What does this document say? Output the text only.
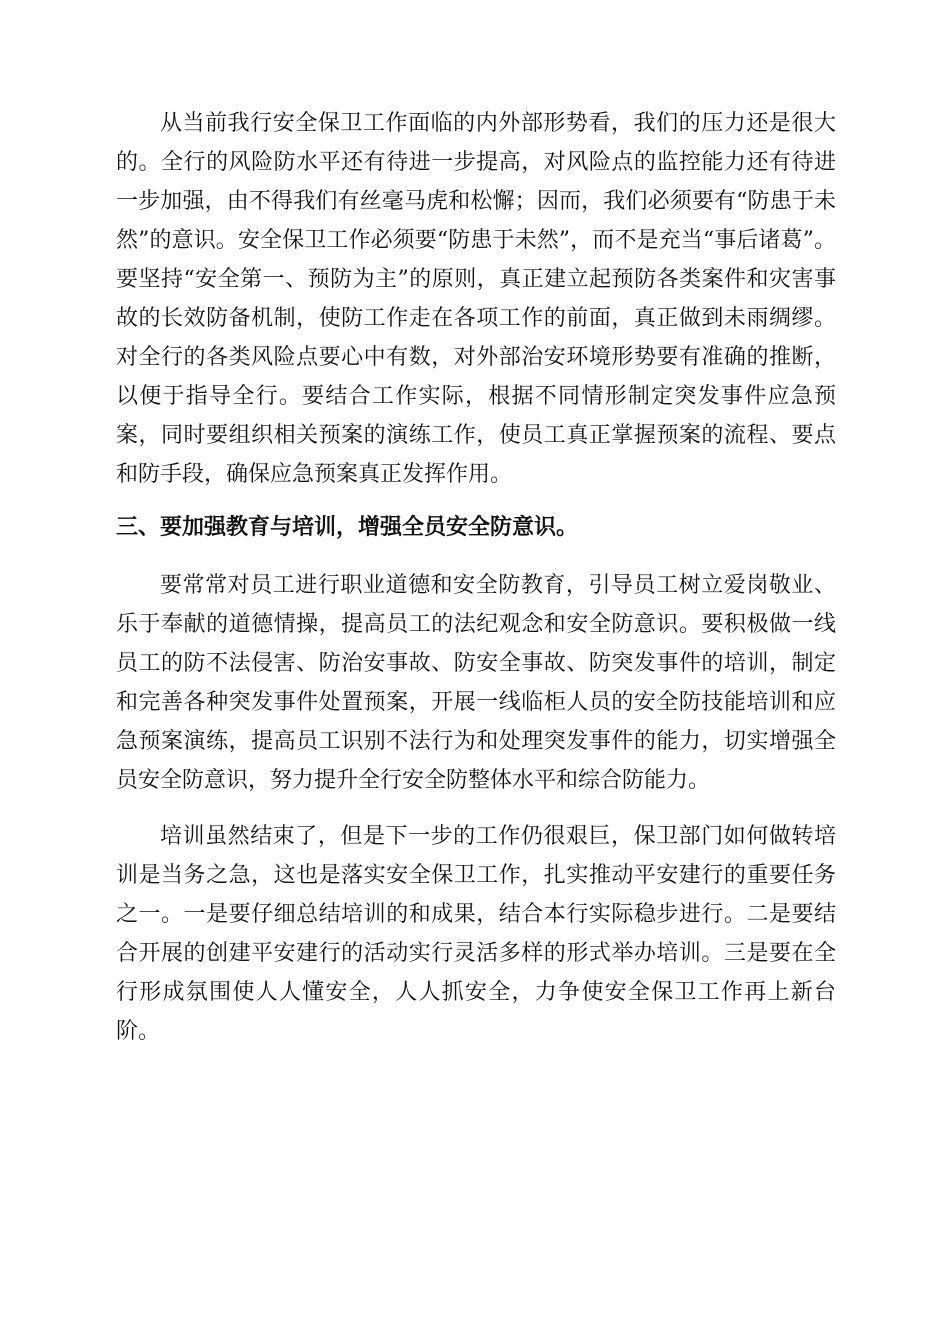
从当前我行安全保卫工作面临的内外部形势看，我们的压力还是很大的。全行的风险防水平还有待进一步提高，对风险点的监控能力还有待进一步加强，由不得我们有丝毫马虎和松懈；因而，我们必须要有“防患于未然”的意识。安全保卫工作必须要“防患于未然”，而不是充当“事后诸葛”。要坚持“安全第一、预防为主”的原则，真正建立起预防各类案件和灾害事故的长效防备机制，使防工作走在各项工作的前面，真正做到未雨绸缪。对全行的各类风险点要心中有数，对外部治安环境形势要有准确的推断，以便于指导全行。要结合工作实际，根据不同情形制定突发事件应急预案，同时要组织相关预案的演练工作，使员工真正掌握预案的流程、要点和防手段，确保应急预案真正发挥作用。

三、要加强教育与培训，增强全员安全防意识。

要常常对员工进行职业道德和安全防教育，引导员工树立爱岗敬业、乐于奉献的道德情操，提高员工的法纪观念和安全防意识。要积极做一线员工的防不法侵害、防治安事故、防安全事故、防突发事件的培训，制定和完善各种突发事件处置预案，开展一线临柜人员的安全防技能培训和应急预案演练，提高员工识别不法行为和处理突发事件的能力，切实增强全员安全防意识，努力提升全行安全防整体水平和综合防能力。

培训虽然结束了，但是下一步的工作仍很艰巨，保卫部门如何做转培训是当务之急，这也是落实安全保卫工作，扎实推动平安建行的重要任务之一。一是要仔细总结培训的和成果，结合本行实际稳步进行。二是要结合开展的创建平安建行的活动实行灵活多样的形式举办培训。三是要在全行形成氛围使人人懂安全，人人抓安全，力争使安全保卫工作再上新台阶。
